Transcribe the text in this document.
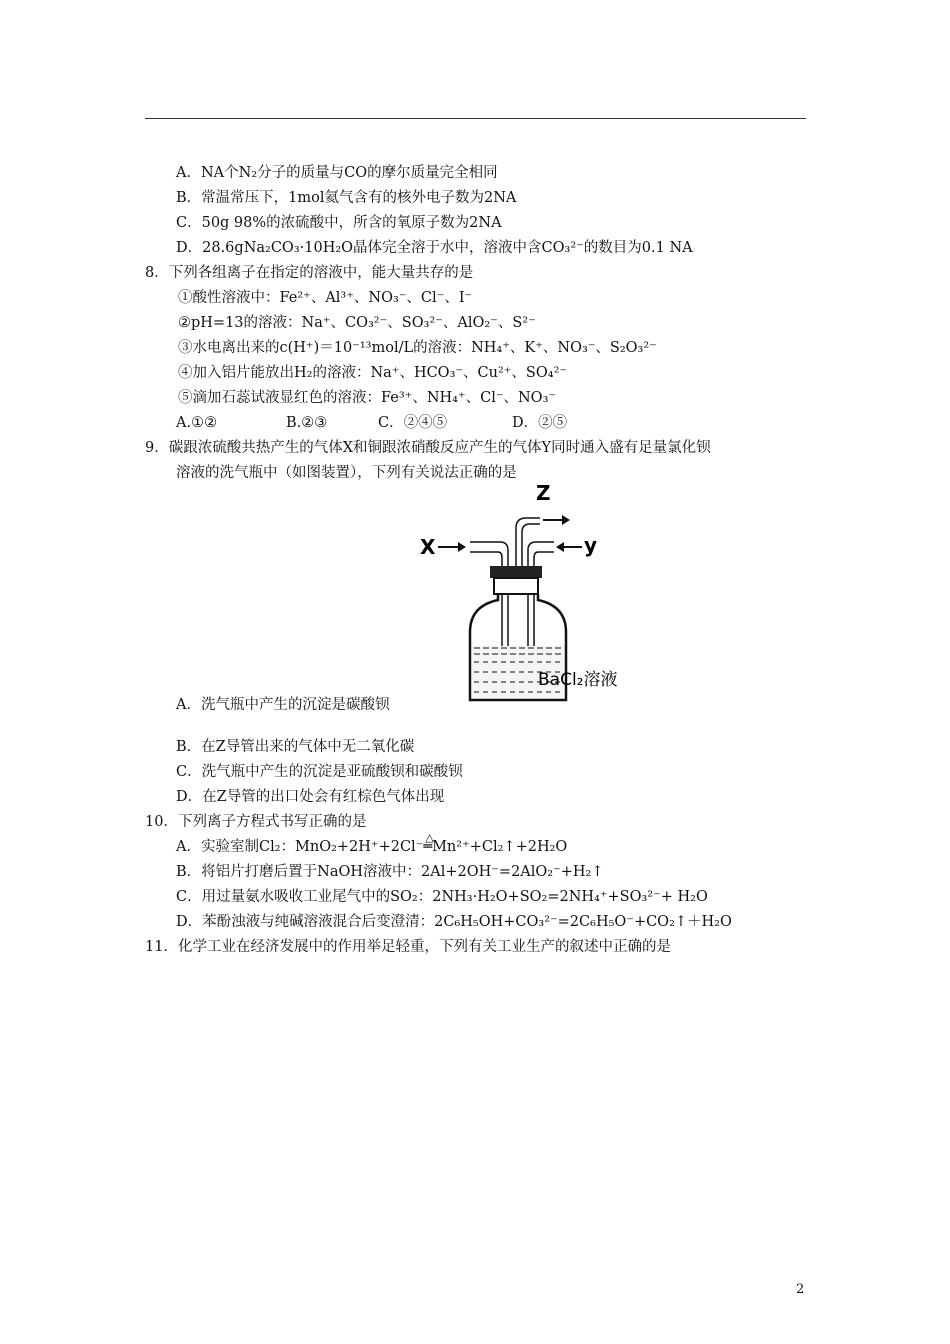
A．NA个N₂分子的质量与CO的摩尔质量完全相同
B．常温常压下，1mol氦气含有的核外电子数为2NA
C．50g 98%的浓硫酸中，所含的氧原子数为2NA
D．28.6gNa₂CO₃·10H₂O晶体完全溶于水中，溶液中含CO₃²⁻的数目为0.1 NA
8．下列各组离子在指定的溶液中，能大量共存的是
①酸性溶液中：Fe²⁺、Al³⁺、NO₃⁻、Cl⁻、I⁻
②pH=13的溶液：Na⁺、CO₃²⁻、SO₃²⁻、AlO₂⁻、S²⁻
③水电离出来的c(H⁺)＝10⁻¹³mol/L的溶液：NH₄⁺、K⁺、NO₃⁻、S₂O₃²⁻
④加入铝片能放出H₂的溶液：Na⁺、HCO₃⁻、Cu²⁺、SO₄²⁻
⑤滴加石蕊试液显红色的溶液：Fe³⁺、NH₄⁺、Cl⁻、NO₃⁻
A.①②	B.②③	C．②④⑤	D．②⑤
9．碳跟浓硫酸共热产生的气体X和铜跟浓硝酸反应产生的气体Y同时通入盛有足量氯化钡
溶液的洗气瓶中（如图装置），下列有关说法正确的是
Z
X	y
BaCl₂溶液
A．洗气瓶中产生的沉淀是碳酸钡
B．在Z导管出来的气体中无二氧化碳
C．洗气瓶中产生的沉淀是亚硫酸钡和碳酸钡
D．在Z导管的出口处会有红棕色气体出现
10．下列离子方程式书写正确的是
A．实验室制Cl₂：MnO₂+2H⁺+2Cl⁻△ ═Mn²⁺+Cl₂↑+2H₂O
B．将铝片打磨后置于NaOH溶液中：2Al+2OH⁻=2AlO₂⁻+H₂↑
C．用过量氨水吸收工业尾气中的SO₂：2NH₃·H₂O+SO₂=2NH₄⁺+SO₃²⁻+ H₂O
D．苯酚浊液与纯碱溶液混合后变澄清：2C₆H₅OH+CO₃²⁻=2C₆H₅O⁻+CO₂↑＋H₂O
11．化学工业在经济发展中的作用举足轻重，下列有关工业生产的叙述中正确的是
2
